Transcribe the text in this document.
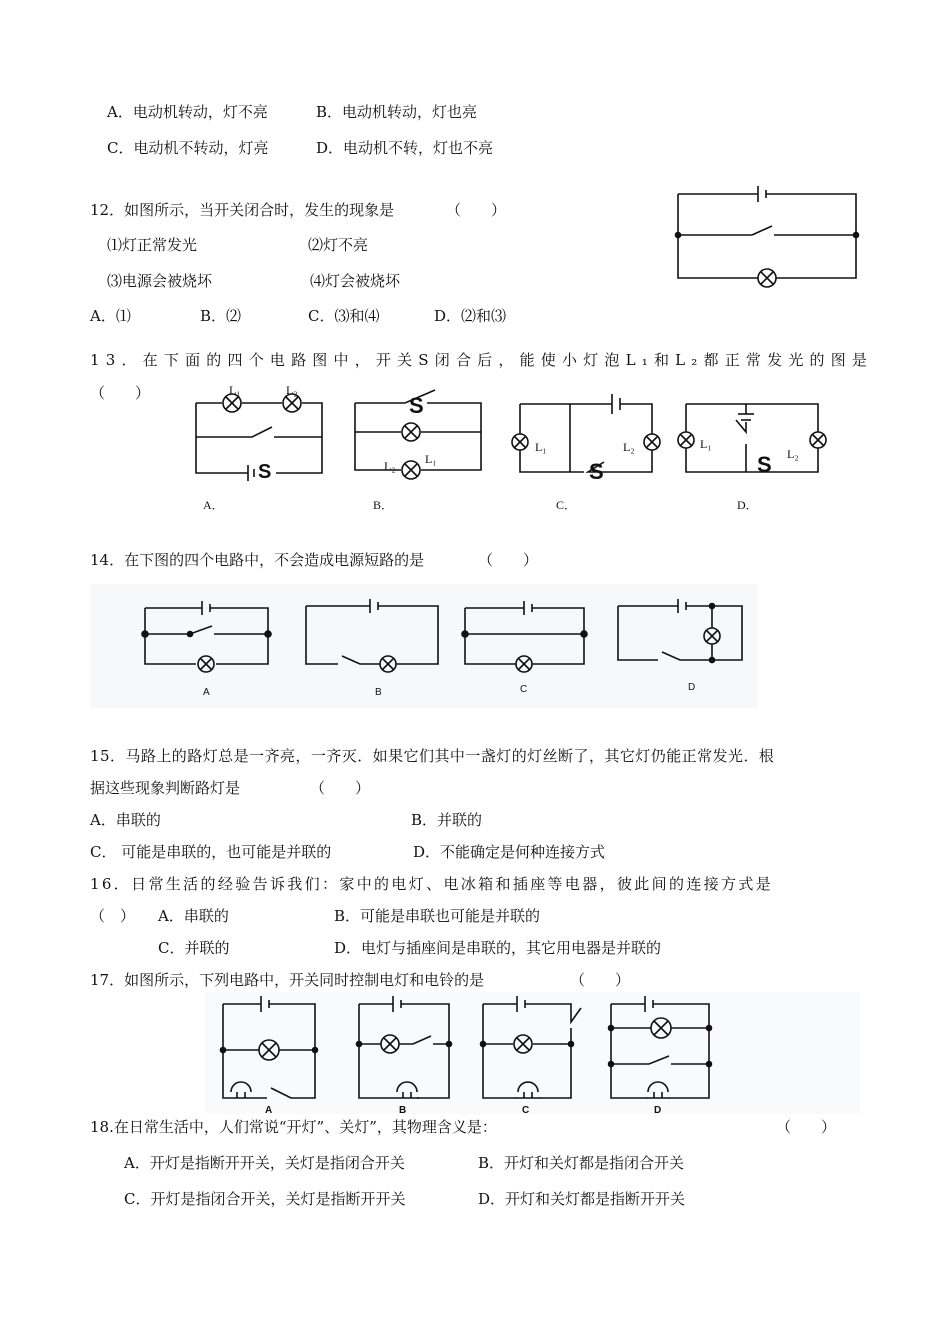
A．电动机转动，灯不亮	B．电动机转动，灯也亮
C．电动机不转动，灯亮	D．电动机不转，灯也不亮
12．如图所示，当开关闭合时，发生的现象是	（　　）
⑴灯正常发光	⑵灯不亮
⑶电源会被烧坏	⑷灯会被烧坏
A．⑴	B．⑵	C．⑶和⑷	D．⑵和⑶
13．在下面的四个电路图中，开关S闭合后，能使小灯泡L₁和L₂都正常发光的图是
（　　）	L₁	L₂
S
S
L₂ L₁
L₁	L₂
S
L₁
L₂
S
A．	B．	C．	D．
14．在下图的四个电路中，不会造成电源短路的是	（　　）
A	B	C	D
15．马路上的路灯总是一齐亮，一齐灭．如果它们其中一盏灯的灯丝断了，其它灯仍能正常发光．根
据这些现象判断路灯是	（　　）
A．串联的	B．并联的
C． 可能是串联的，也可能是并联的	D．不能确定是何种连接方式
16．日常生活的经验告诉我们：家中的电灯、电冰箱和插座等电器，彼此间的连接方式是
（　） A．串联的	B．可能是串联也可能是并联的
C．并联的	D．电灯与插座间是串联的，其它用电器是并联的
17．如图所示，下列电路中，开关同时控制电灯和电铃的是	（　　）
A	B	C	D
18.在日常生活中，人们常说“开灯”、关灯”，其物理含义是：	（　　）
A．开灯是指断开开关，关灯是指闭合开关	B．开灯和关灯都是指闭合开关
C．开灯是指闭合开关，关灯是指断开开关	D．开灯和关灯都是指断开开关
